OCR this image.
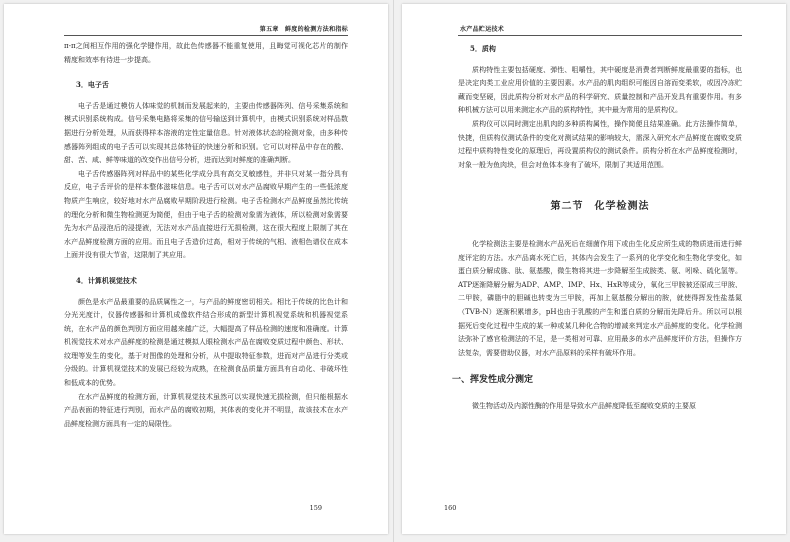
第五章　鲜度的检测方法和指标

π-π之间相互作用的强化学键作用，故此色传感器不能重复使用，且晦觉可视化芯片的制作精度和效率有待进一步提高。

3．电子舌

电子舌是通过模仿人体味觉的机制而发展起来的，主要由传感器阵列、信号采集系统和模式识别系统构成。信号采集电路将采集的信号输送到计算机中，由模式识别系统对样品数据进行分析处理，从而获得样本溶液的定性定量信息。针对液体状态的检测对象，由多种传感器阵列组成的电子舌可以实现其总体特征的快速分析和识别。它可以对样品中存在的酸、甜、苦、咸、鲜等味道的改变作出信号分析，进而达到对鲜度的准确判断。

电子舌传感器阵列对样品中的某些化学成分具有高交叉敏感性，并非只对某一指分具有反应，电子舌评价的是样本整体滋味信息。电子舌可以对水产品腐败早期产生的一些低浓度物质产生响应，较好地对水产品腐败早期阶段进行检测。电子舌检测水产品鲜度虽然比传统的理化分析和微生物检测更为简便，但由于电子舌的检测对象需为液体，所以检测对象需要先为水产品浸泡后的浸提液，无法对水产品直接进行无损检测，这在很大程度上限制了其在水产品鲜度检测方面的应用。而且电子舌造价过高，相对于传统的气相、液相色谱仪在成本上面并没有很大节省，这限制了其应用。

4．计算机视觉技术

颜色是水产品最重要的品质属性之一，与产品的鲜度密切相关。相比于传统的比色计和分光光度计，仪器传感器和计算机成像软件结合形成的新型计算机视觉系统和机器视觉系统，在水产品的颜色判别方面应用越来越广泛，大幅提高了样品检测的速度和准确度。计算机视觉技术对水产品鲜度的检测是通过模拟人眼检测水产品在腐败变质过程中颜色、形状、纹理等发生的变化，基于对图像的处理和分析，从中提取特征参数，进而对产品进行分类或分级的。计算机视觉技术的发展已经较为成熟，在检测食品质量方面具有自动化、非破坏性和低成本的优势。

在水产品鲜度的检测方面，计算机视觉技术虽然可以实现快速无损检测，但只能根据水产品表面的特征进行判别，而水产品的腐败初期，其体表的变化并不明显，故该技术在水产品鲜度检测方面具有一定的局限性。

159
水产品贮运技术

5．质构

质构特性主要包括硬度、弹性、咀嚼性，其中硬度是消费者判断鲜度最重要的指标，也是决定肉类工业应用价值的主要因素。水产品的肌肉组织可能因自溶而变柔软，或因冷冻贮藏而变坚硬，因此质构分析对水产品的科学研究、质量控制和产品开发具有重要作用。有多种机械方法可以用来测定水产品的质构特性，其中最为常用的是质构仪。

质构仪可以同时测定出肌肉的多种质构属性，操作简便且结果准确。此方法操作简单，快捷，但质构仪测试条件的变化对测试结果的影响较大，需深入研究水产品鲜度在腐败变质过程中质构特性变化的原理后，再设置质构仪的测试条件。质构分析在水产品鲜度检测时，对象一般为鱼肉块，但会对鱼体本身有了破坏，限制了其适用范围。

第二节　化学检测法

化学检测法主要是检测水产品死后在细菌作用下或由生化反应所生成的物质进而进行鲜度评定的方法。水产品离水死亡后，其体内会发生了一系列的化学变化和生物化学变化，如蛋白质分解成胨、肽、氨基酸，微生物将其进一步降解至生成胺类、氨、吲哚、硫化氢等。ATP逐渐降解分解为ADP、AMP、IMP、Hx、HxR等成分，氧化三甲胺被还原成三甲胺、二甲胺，磷脂中的胆碱也转变为三甲胺，再加上氨基酸分解出的胺，就使得挥发性盐基氮（TVB-N）逐渐积累增多，pH也由于乳酸的产生和蛋白质的分解而先降后升。所以可以根据死后变化过程中生成的某一种或某几种化合物的增减来判定水产品鲜度的变化。化学检测法弥补了感官检测法的不足，是一类相对可靠、应用最多的水产品鲜度评价方法，但操作方法复杂，需要借助仪器，对水产品原料的采样有破坏作用。

一、挥发性成分测定

微生物活动及内源性酶的作用是导致水产品鲜度降低至腐败变质的主要原

160
